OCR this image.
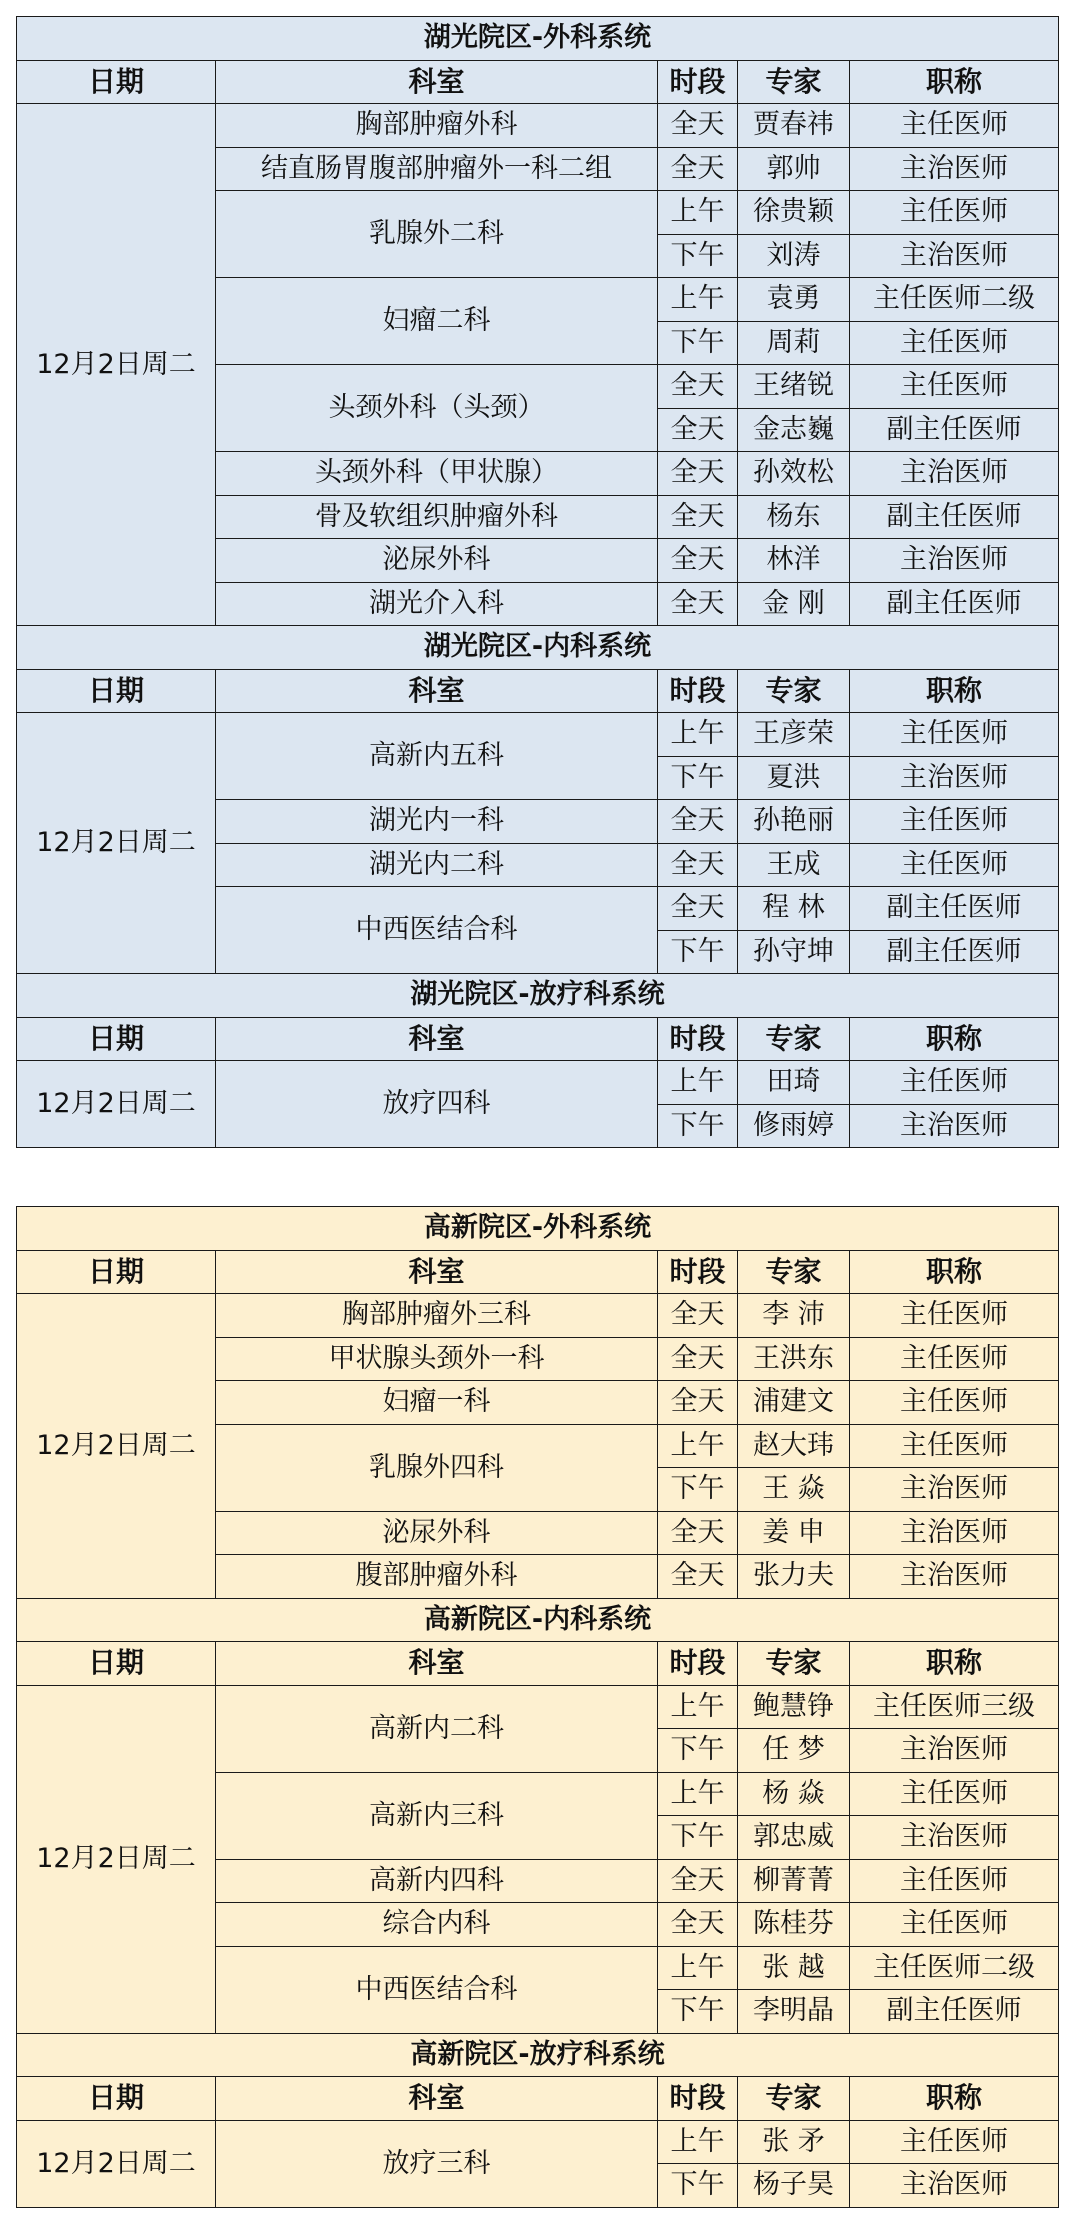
湖光院区-外科系统				
日期	科室	时段	专家	职称
12月2日周二	胸部肿瘤外科	全天	贾春祎	主任医师
	结直肠胃腹部肿瘤外一科二组	全天	郭帅	主治医师
	乳腺外二科	上午	徐贵颖	主任医师
		下午	刘涛	主治医师
	妇瘤二科	上午	袁勇	主任医师二级
		下午	周莉	主任医师
	头颈外科（头颈）	全天	王绪锐	主任医师
		全天	金志巍	副主任医师
	头颈外科（甲状腺）	全天	孙效松	主治医师
	骨及软组织肿瘤外科	全天	杨东	副主任医师
	泌尿外科	全天	林洋	主治医师
	湖光介入科	全天	金 刚	副主任医师
湖光院区-内科系统				
日期	科室	时段	专家	职称
12月2日周二	高新内五科	上午	王彦荣	主任医师
		下午	夏洪	主治医师
	湖光内一科	全天	孙艳丽	主任医师
	湖光内二科	全天	王成	主任医师
	中西医结合科	全天	程 林	副主任医师
		下午	孙守坤	副主任医师
湖光院区-放疗科系统				
日期	科室	时段	专家	职称
12月2日周二	放疗四科	上午	田琦	主任医师
		下午	修雨婷	主治医师
高新院区-外科系统				
日期	科室	时段	专家	职称
12月2日周二	胸部肿瘤外三科	全天	李 沛	主任医师
	甲状腺头颈外一科	全天	王洪东	主任医师
	妇瘤一科	全天	浦建文	主任医师
	乳腺外四科	上午	赵大玮	主任医师
		下午	王 焱	主治医师
	泌尿外科	全天	姜 申	主治医师
	腹部肿瘤外科	全天	张力夫	主治医师
高新院区-内科系统				
日期	科室	时段	专家	职称
12月2日周二	高新内二科	上午	鲍慧铮	主任医师三级
		下午	任 梦	主治医师
	高新内三科	上午	杨 焱	主任医师
		下午	郭忠威	主治医师
	高新内四科	全天	柳菁菁	主任医师
	综合内科	全天	陈桂芬	主任医师
	中西医结合科	上午	张 越	主任医师二级
		下午	李明晶	副主任医师
高新院区-放疗科系统				
日期	科室	时段	专家	职称
12月2日周二	放疗三科	上午	张 矛	主任医师
		下午	杨子昊	主治医师
